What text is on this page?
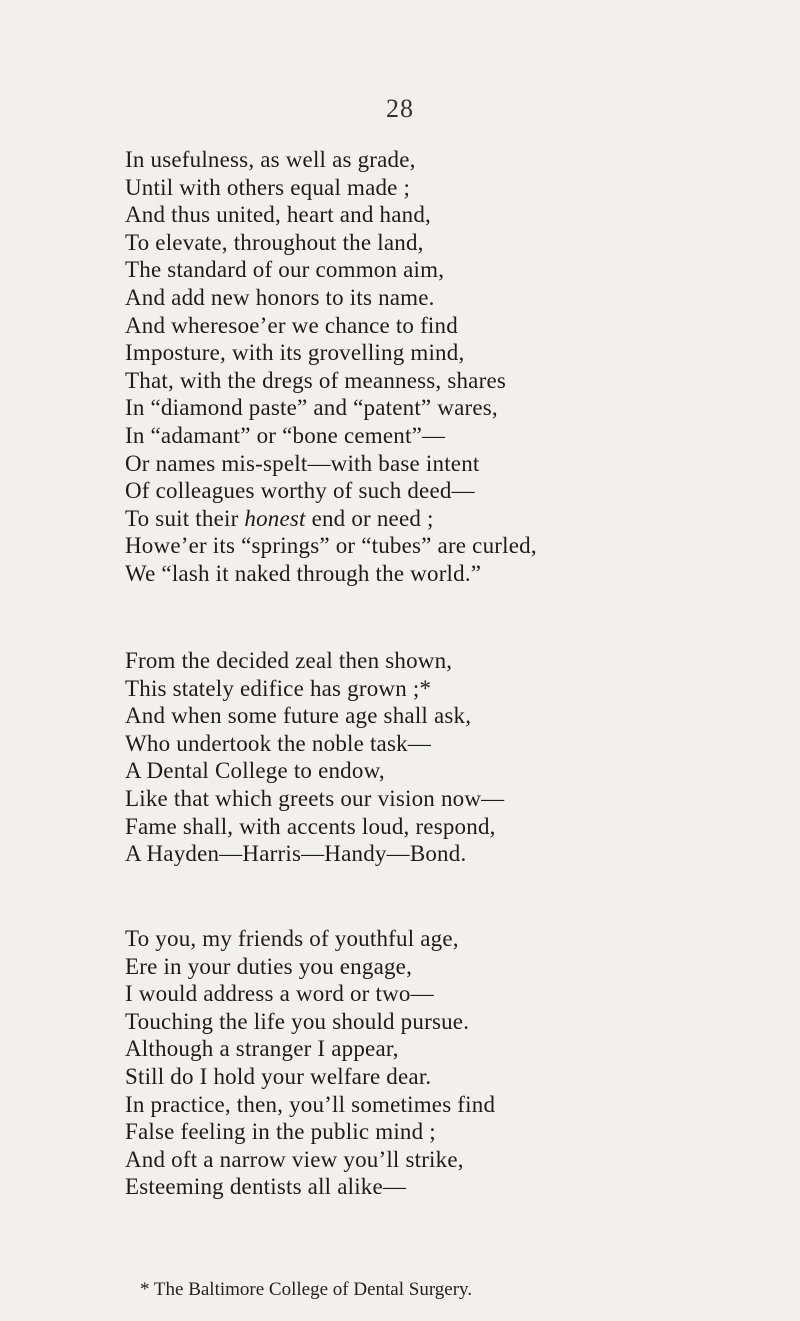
28
In usefulness, as well as grade,
Until with others equal made ;
And thus united, heart and hand,
To elevate, throughout the land,
The standard of our common aim,
And add new honors to its name.
And wheresoe’er we chance to find
Imposture, with its grovelling mind,
That, with the dregs of meanness, shares
In “diamond paste” and “patent” wares,
In “adamant” or “bone cement”—
Or names mis-spelt—with base intent
Of colleagues worthy of such deed—
To suit their honest end or need ;
Howe’er its “springs” or “tubes” are curled,
We “lash it naked through the world.”
From the decided zeal then shown,
This stately edifice has grown ;*
And when some future age shall ask,
Who undertook the noble task—
A Dental College to endow,
Like that which greets our vision now—
Fame shall, with accents loud, respond,
A Hayden—Harris—Handy—Bond.
To you, my friends of youthful age,
Ere in your duties you engage,
I would address a word or two—
Touching the life you should pursue.
Although a stranger I appear,
Still do I hold your welfare dear.
In practice, then, you’ll sometimes find
False feeling in the public mind ;
And oft a narrow view you’ll strike,
Esteeming dentists all alike—
* The Baltimore College of Dental Surgery.
